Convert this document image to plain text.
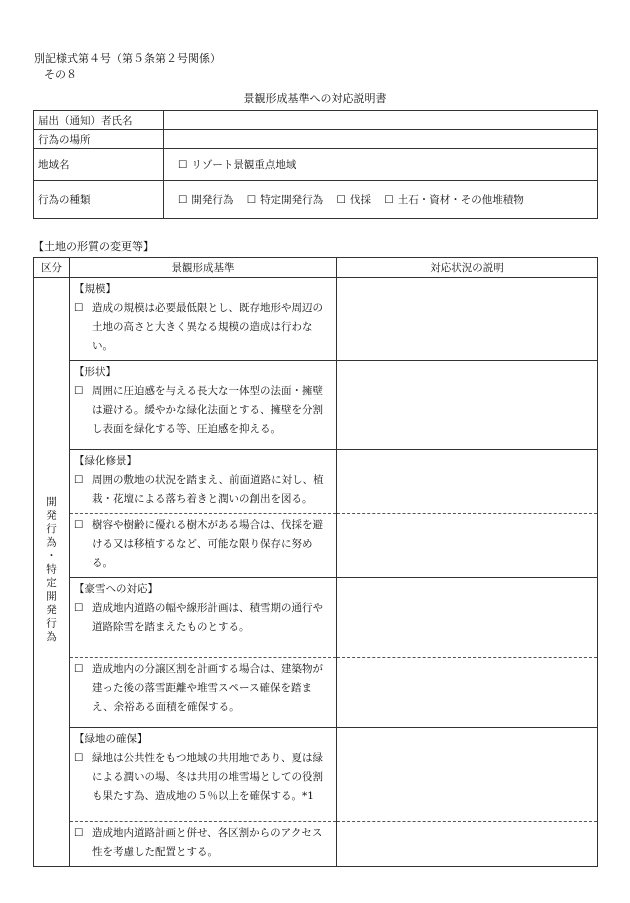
別記様式第４号（第５条第２号関係）
その８
景観形成基準への対応説明書
届出（通知）者氏名	
行為の場所	
地域名	☐ リゾート景観重点地域
行為の種類	☐ 開発行為 ☐ 特定開発行為 ☐ 伐採 ☐ 土石・資材・その他堆積物
【土地の形質の変更等】
区分	景観形成基準	対応状況の説明
開発行為・特定開発行為	【規模】
☐ 造成の規模は必要最低限とし、既存地形や周辺の土地の高さと大きく異なる規模の造成は行わない。	

	【形状】
☐ 周囲に圧迫感を与える長大な一体型の法面・擁壁は避ける。緩やかな緑化法面とする、擁壁を分割し表面を緑化する等、圧迫感を抑える。	

	【緑化修景】
☐ 周囲の敷地の状況を踏まえ、前面道路に対し、植栽・花壇による落ち着きと潤いの創出を図る。	

	☐ 樹容や樹齢に優れる樹木がある場合は、伐採を避ける又は移植するなど、可能な限り保存に努める。	

	【豪雪への対応】
☐ 造成地内道路の幅や線形計画は、積雪期の通行や道路除雪を踏まえたものとする。	

	☐ 造成地内の分譲区割を計画する場合は、建築物が建った後の落雪距離や堆雪スペース確保を踏まえ、余裕ある面積を確保する。	

	【緑地の確保】
☐ 緑地は公共性をもつ地域の共用地であり、夏は緑による潤いの場、冬は共用の堆雪場としての役割も果たす為、造成地の５％以上を確保する。*1	

	☐ 造成地内道路計画と併せ、各区割からのアクセス性を考慮した配置とする。	
